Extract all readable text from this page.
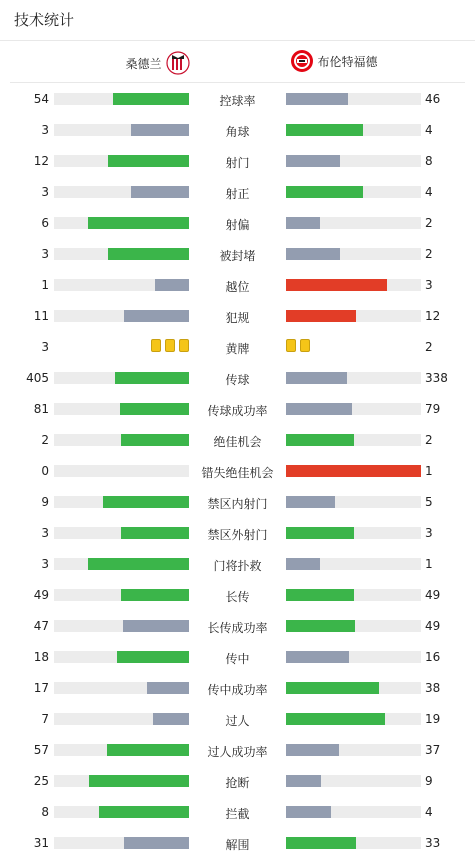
技术统计
桑德兰	布伦特福德
54	控球率	46
3	角球	4
12	射门	8
3	射正	4
6	射偏	2
3	被封堵	2
1	越位	3
11	犯规	12
3	黄牌	2
405	传球	338
81	传球成功率	79
2	绝佳机会	2
0	错失绝佳机会	1
9	禁区内射门	5
3	禁区外射门	3
3	门将扑救	1
49	长传	49
47	长传成功率	49
18	传中	16
17	传中成功率	38
7	过人	19
57	过人成功率	37
25	抢断	9
8	拦截	4
31	解围	33
